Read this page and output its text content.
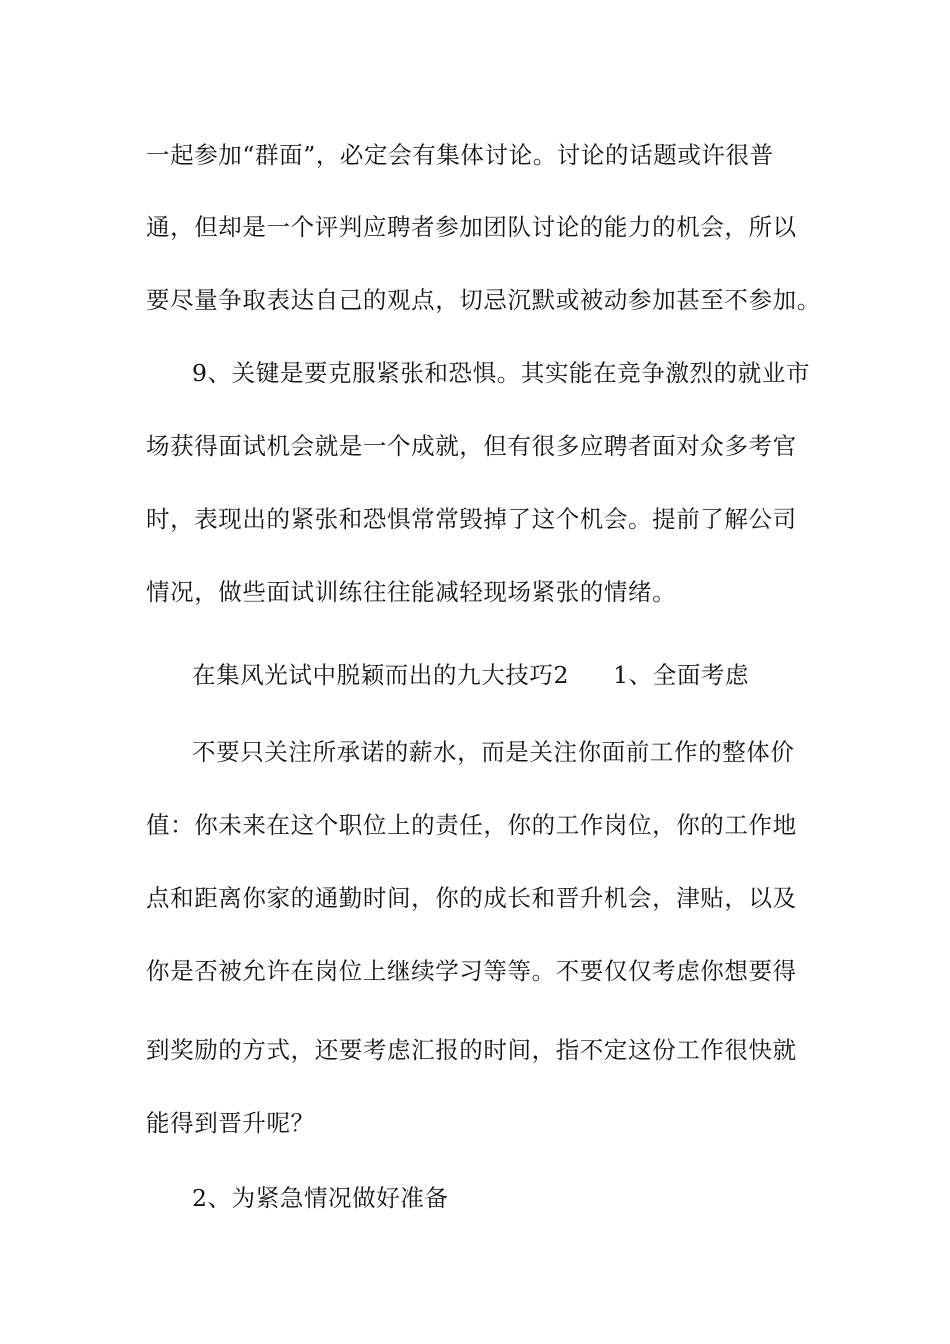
一起参加“群面”，必定会有集体讨论。讨论的话题或许很普
通，但却是一个评判应聘者参加团队讨论的能力的机会，所以
要尽量争取表达自己的观点，切忌沉默或被动参加甚至不参加。
9、关键是要克服紧张和恐惧。其实能在竞争激烈的就业市
场获得面试机会就是一个成就，但有很多应聘者面对众多考官
时，表现出的紧张和恐惧常常毁掉了这个机会。提前了解公司
情况，做些面试训练往往能减轻现场紧张的情绪。
在集风光试中脱颖而出的九大技巧2 1、全面考虑
不要只关注所承诺的薪水，而是关注你面前工作的整体价
值：你未来在这个职位上的责任，你的工作岗位，你的工作地
点和距离你家的通勤时间，你的成长和晋升机会，津贴，以及
你是否被允许在岗位上继续学习等等。不要仅仅考虑你想要得
到奖励的方式，还要考虑汇报的时间，指不定这份工作很快就
能得到晋升呢？
2、为紧急情况做好准备
